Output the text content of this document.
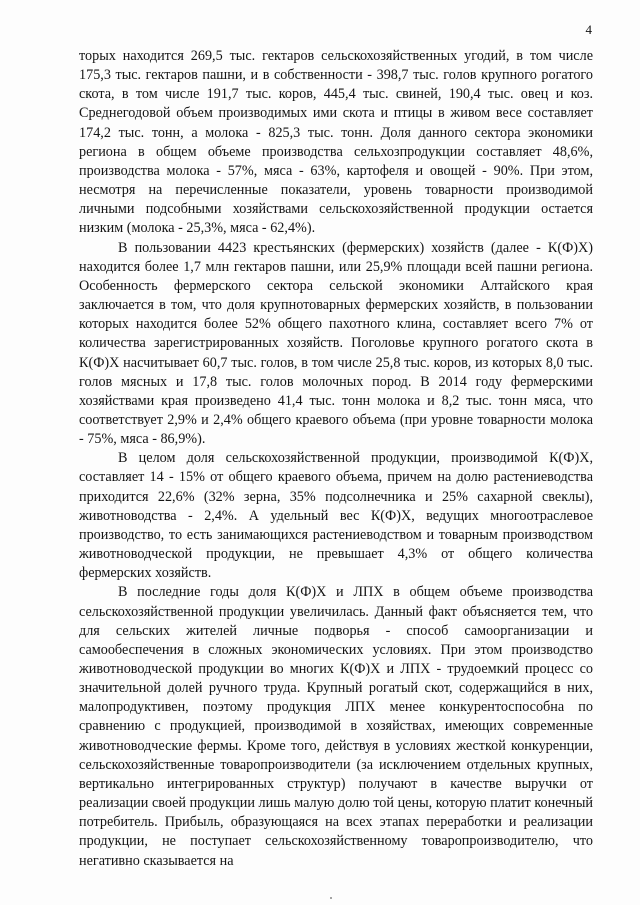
4

торых находится 269,5 тыс. гектаров сельскохозяйственных угодий, в том числе 175,3 тыс. гектаров пашни, и в собственности - 398,7 тыс. голов крупного рогатого скота, в том числе 191,7 тыс. коров, 445,4 тыс. свиней, 190,4 тыс. овец и коз. Среднегодовой объем производимых ими скота и птицы в живом весе составляет 174,2 тыс. тонн, а молока - 825,3 тыс. тонн. Доля данного сектора экономики региона в общем объеме производства сельхозпродукции составляет 48,6%, производства молока - 57%, мяса - 63%, картофеля и овощей - 90%. При этом, несмотря на перечисленные показатели, уровень товарности производимой личными подсобными хозяйствами сельскохозяйственной продукции остается низким (молока - 25,3%, мяса - 62,4%).

В пользовании 4423 крестьянских (фермерских) хозяйств (далее - К(Ф)Х) находится более 1,7 млн гектаров пашни, или 25,9% площади всей пашни региона. Особенность фермерского сектора сельской экономики Алтайского края заключается в том, что доля крупнотоварных фермерских хозяйств, в пользовании которых находится более 52% общего пахотного клина, составляет всего 7% от количества зарегистрированных хозяйств. Поголовье крупного рогатого скота в К(Ф)Х насчитывает 60,7 тыс. голов, в том числе 25,8 тыс. коров, из которых 8,0 тыс. голов мясных и 17,8 тыс. голов молочных пород. В 2014 году фермерскими хозяйствами края произведено 41,4 тыс. тонн молока и 8,2 тыс. тонн мяса, что соответствует 2,9% и 2,4% общего краевого объема (при уровне товарности молока - 75%, мяса - 86,9%).

В целом доля сельскохозяйственной продукции, производимой К(Ф)Х, составляет 14 - 15% от общего краевого объема, причем на долю растениеводства приходится 22,6% (32% зерна, 35% подсолнечника и 25% сахарной свеклы), животноводства - 2,4%. А удельный вес К(Ф)Х, ведущих многоотраслевое производство, то есть занимающихся растениеводством и товарным производством животноводческой продукции, не превышает 4,3% от общего количества фермерских хозяйств.

В последние годы доля К(Ф)Х и ЛПХ в общем объеме производства сельскохозяйственной продукции увеличилась. Данный факт объясняется тем, что для сельских жителей личные подворья - способ самоорганизации и самообеспечения в сложных экономических условиях. При этом производство животноводческой продукции во многих К(Ф)Х и ЛПХ - трудоемкий процесс со значительной долей ручного труда. Крупный рогатый скот, содержащийся в них, малопродуктивен, поэтому продукция ЛПХ менее конкурентоспособна по сравнению с продукцией, производимой в хозяйствах, имеющих современные животноводческие фермы. Кроме того, действуя в условиях жесткой конкуренции, сельскохозяйственные товаропроизводители (за исключением отдельных крупных, вертикально интегрированных структур) получают в качестве выручки от реализации своей продукции лишь малую долю той цены, которую платит конечный потребитель. Прибыль, образующаяся на всех этапах переработки и реализации продукции, не поступает сельскохозяйственному товаропроизводителю, что негативно сказывается на
